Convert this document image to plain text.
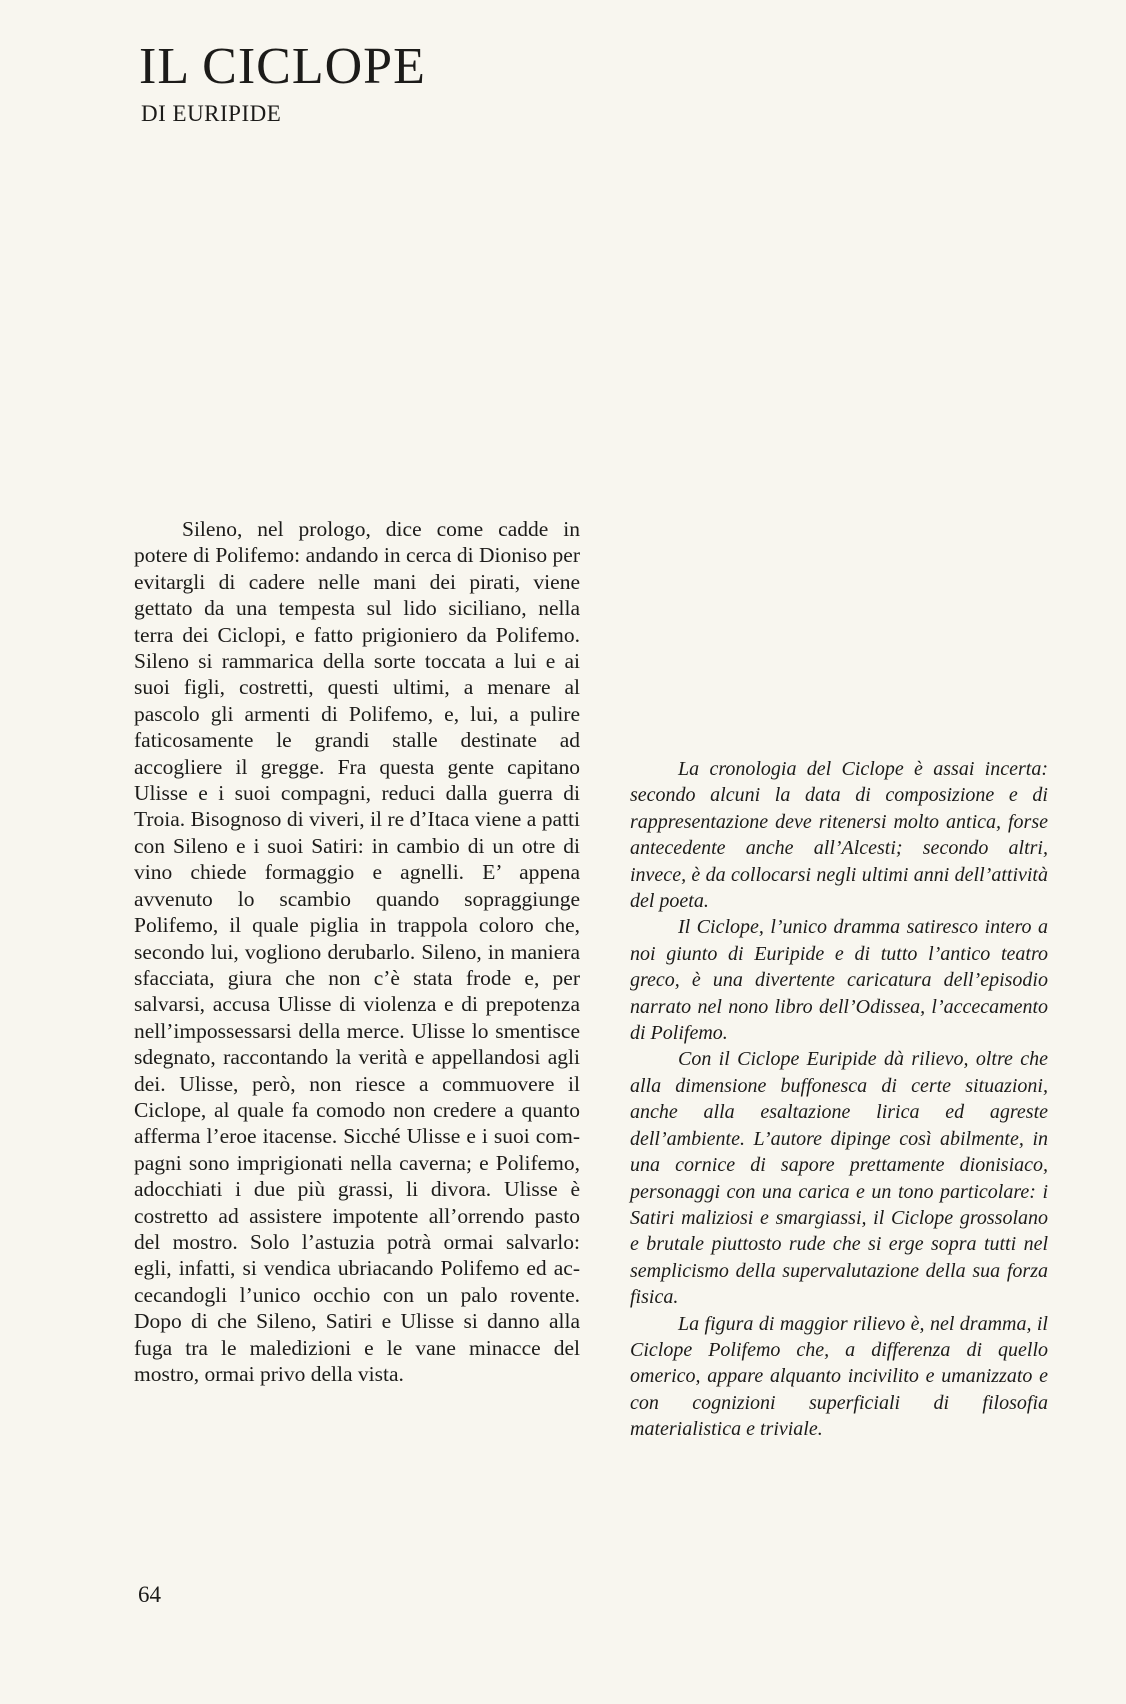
IL CICLOPE
DI EURIPIDE

Sileno, nel prologo, dice come cadde in potere di Polifemo: andando in cerca di Dioniso per evitargli di cadere nelle mani dei pirati, viene gettato da una tempesta sul lido siciliano, nella terra dei Ciclopi, e fatto prigioniero da Polifemo. Sileno si rammarica della sorte toccata a lui e ai suoi figli, costretti, questi ultimi, a menare al pascolo gli armenti di Polifemo, e, lui, a pulire faticosamente le grandi stalle destinate ad accogliere il gregge. Fra questa gente capitano Ulisse e i suoi compagni, reduci dalla guerra di Troia. Bisognoso di viveri, il re d’Itaca viene a patti con Sileno e i suoi Satiri: in cambio di un otre di vino chiede formaggio e agnelli. E’ appena avvenuto lo scambio quando sopraggiunge Polifemo, il quale piglia in trappola coloro che, secondo lui, vogliono derubarlo. Sileno, in maniera sfacciata, giura che non c’è stata frode e, per salvarsi, accusa Ulisse di violenza e di prepotenza nell’impossessarsi della merce. Ulisse lo smentisce sdegnato, raccontando la verità e appellandosi agli dei. Ulisse, però, non riesce a commuovere il Ciclope, al quale fa comodo non credere a quanto afferma l’eroe itacense. Sicché Ulisse e i suoi compagni sono imprigionati nella caverna; e Polifemo, adocchiati i due più grassi, li divora. Ulisse è costretto ad assistere impotente all’orrendo pasto del mostro. Solo l’astuzia potrà ormai salvarlo: egli, infatti, si vendica ubriacando Polifemo ed accecandogli l’unico occhio con un palo rovente. Dopo di che Sileno, Satiri e Ulisse si danno alla fuga tra le maledizioni e le vane minacce del mostro, ormai privo della vista.

La cronologia del Ciclope è assai incerta: secondo alcuni la data di composizione e di rappresentazione deve ritenersi molto antica, forse antecedente anche all’Alcesti; secondo altri, invece, è da collocarsi negli ultimi anni dell’attività del poeta.

Il Ciclope, l’unico dramma satiresco intero a noi giunto di Euripide e di tutto l’antico teatro greco, è una divertente caricatura dell’episodio narrato nel nono libro dell’Odissea, l’accecamento di Polifemo.

Con il Ciclope Euripide dà rilievo, oltre che alla dimensione buffonesca di certe situazioni, anche alla esaltazione lirica ed agreste dell’ambiente. L’autore dipinge così abilmente, in una cornice di sapore prettamente dionisiaco, personaggi con una carica e un tono particolare: i Satiri maliziosi e smargiassi, il Ciclope grossolano e brutale piuttosto rude che si erge sopra tutti nel semplicismo della supervalutazione della sua forza fisica.

La figura di maggior rilievo è, nel dramma, il Ciclope Polifemo che, a differenza di quello omerico, appare alquanto incivilito e umanizzato e con cognizioni superficiali di filosofia materialistica e triviale.

64
